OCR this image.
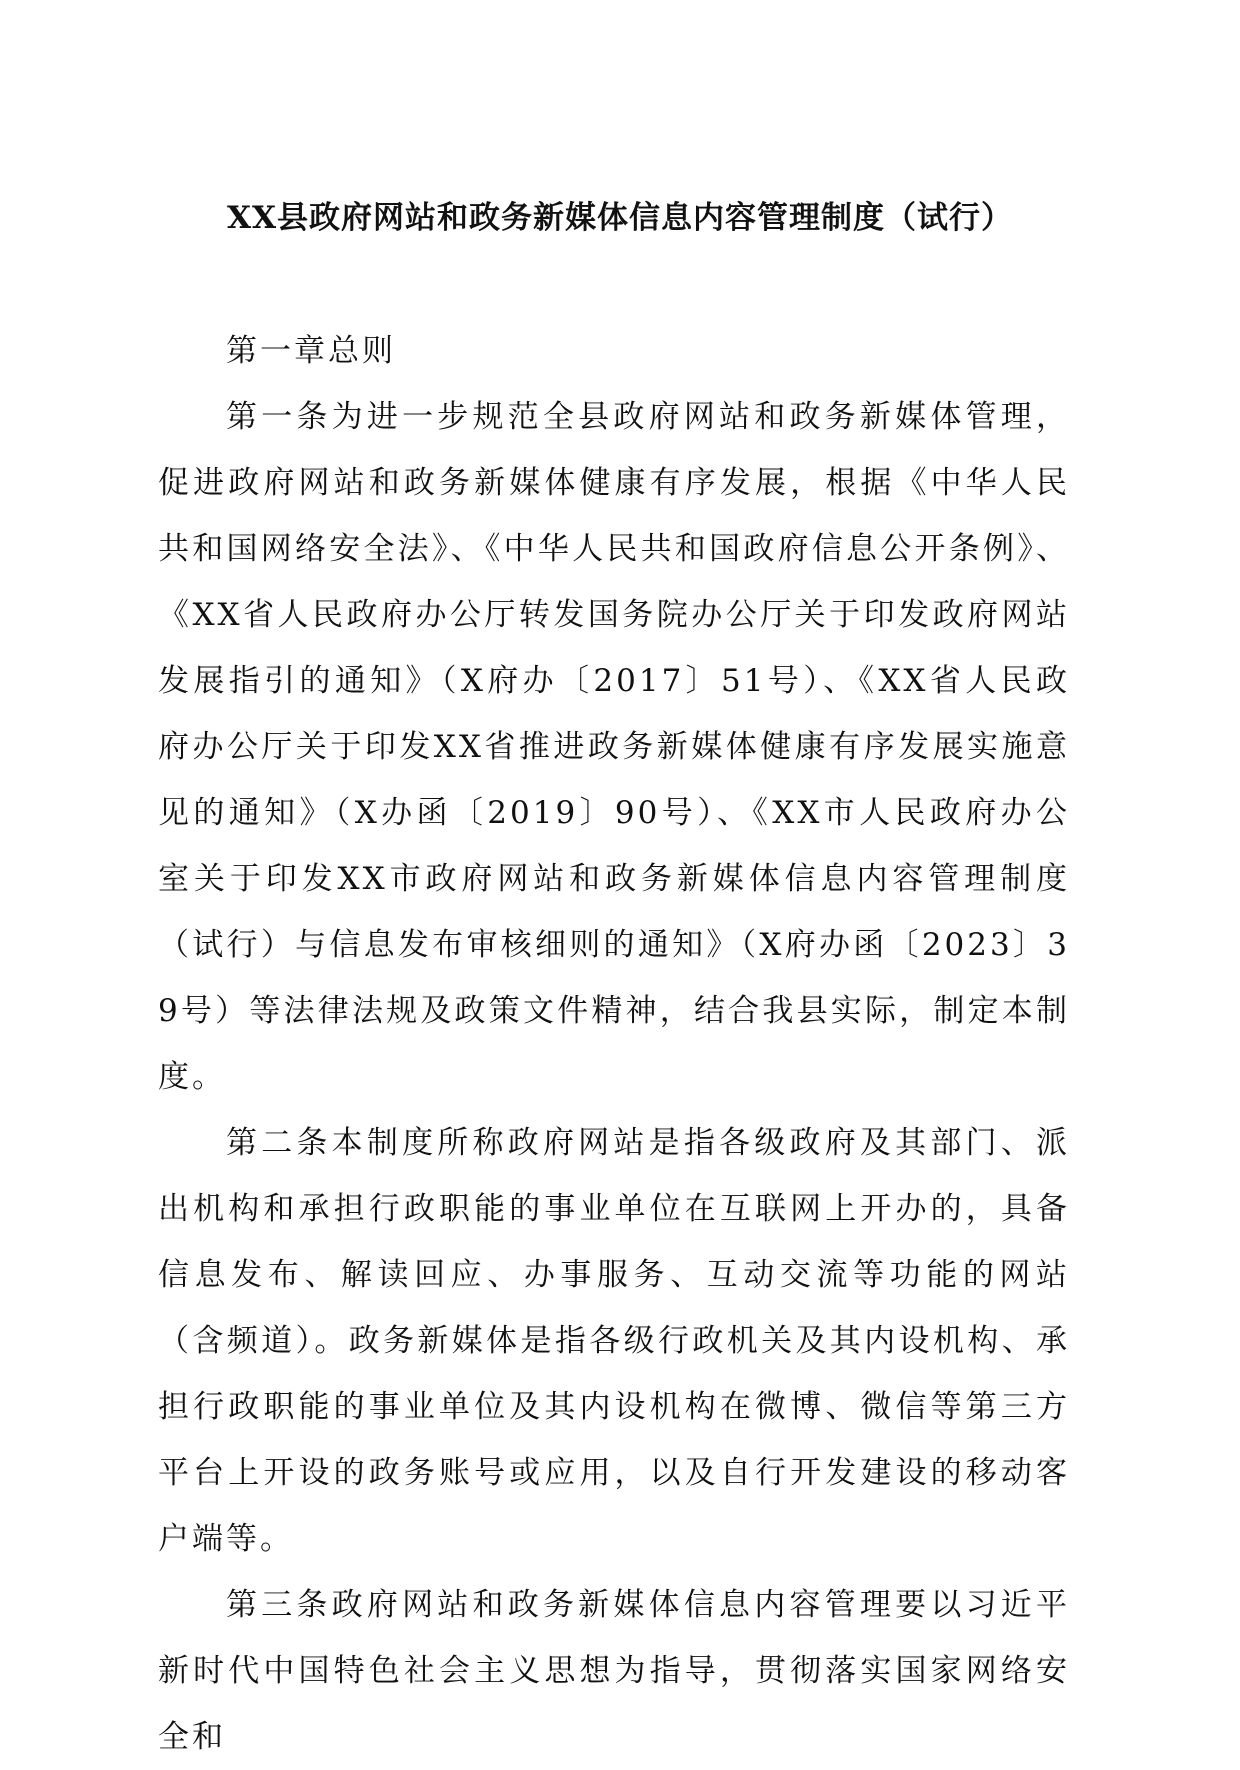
XX县政府网站和政务新媒体信息内容管理制度（试行）

第一章总则

第一条为进一步规范全县政府网站和政务新媒体管理，促进政府网站和政务新媒体健康有序发展，根据《中华人民共和国网络安全法》、《中华人民共和国政府信息公开条例》、《XX省人民政府办公厅转发国务院办公厅关于印发政府网站发展指引的通知》（X府办〔2017〕51号）、《XX省人民政府办公厅关于印发XX省推进政务新媒体健康有序发展实施意见的通知》（X办函〔2019〕90号）、《XX市人民政府办公室关于印发XX市政府网站和政务新媒体信息内容管理制度（试行）与信息发布审核细则的通知》（X府办函〔2023〕39号）等法律法规及政策文件精神，结合我县实际，制定本制度。

第二条本制度所称政府网站是指各级政府及其部门、派出机构和承担行政职能的事业单位在互联网上开办的，具备信息发布、解读回应、办事服务、互动交流等功能的网站（含频道）。政务新媒体是指各级行政机关及其内设机构、承担行政职能的事业单位及其内设机构在微博、微信等第三方平台上开设的政务账号或应用，以及自行开发建设的移动客户端等。

第三条政府网站和政务新媒体信息内容管理要以习近平新时代中国特色社会主义思想为指导，贯彻落实国家网络安全和
